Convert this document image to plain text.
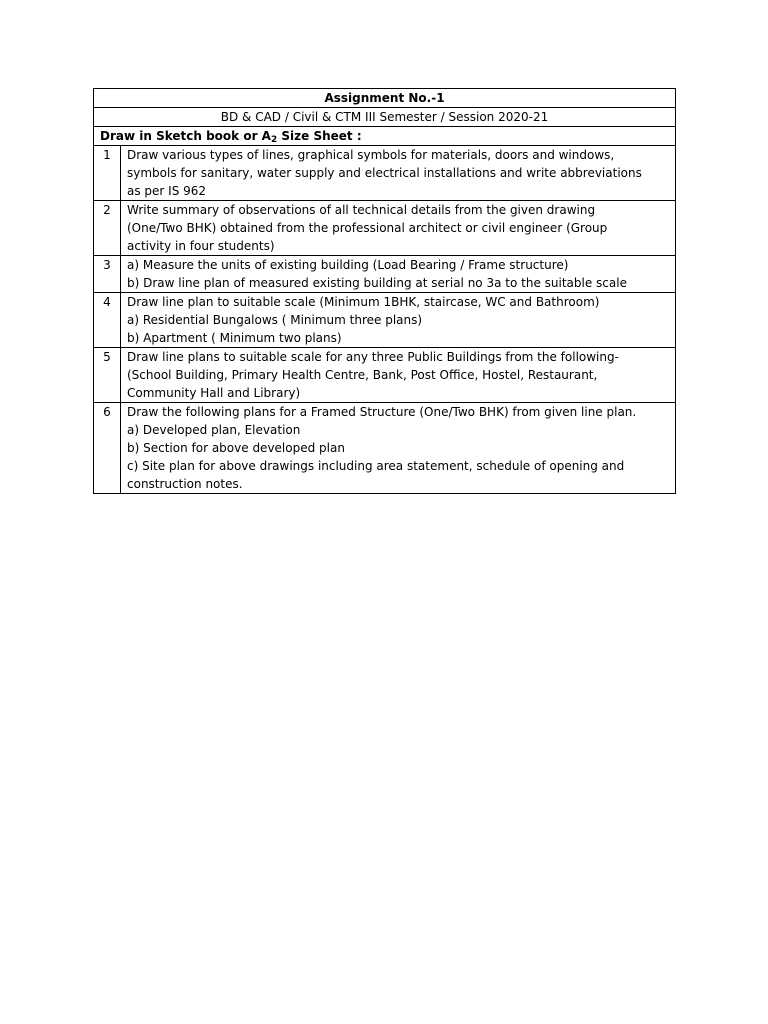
Assignment No.-1	
BD & CAD / Civil & CTM III Semester / Session 2020-21	
Draw in Sketch book or $A_2$ Size Sheet :	
1	Draw various types of lines, graphical symbols for materials, doors and windows,
symbols for sanitary, water supply and electrical installations and write abbreviations
as per IS 962

2	Write summary of observations of all technical details from the given drawing
(One/Two BHK) obtained from the professional architect or civil engineer (Group
activity in four students)

3	a) Measure the units of existing building (Load Bearing / Frame structure)
b) Draw line plan of measured existing building at serial no 3a to the suitable scale

4	Draw line plan to suitable scale (Minimum 1BHK, staircase, WC and Bathroom)
a) Residential Bungalows ( Minimum three plans)
b) Apartment ( Minimum two plans)

5	Draw line plans to suitable scale for any three Public Buildings from the following-
(School Building, Primary Health Centre, Bank, Post Office, Hostel, Restaurant,
Community Hall and Library)

6	Draw the following plans for a Framed Structure (One/Two BHK) from given line plan.
a) Developed plan, Elevation
b) Section for above developed plan
c) Site plan for above drawings including area statement, schedule of opening and
construction notes.
